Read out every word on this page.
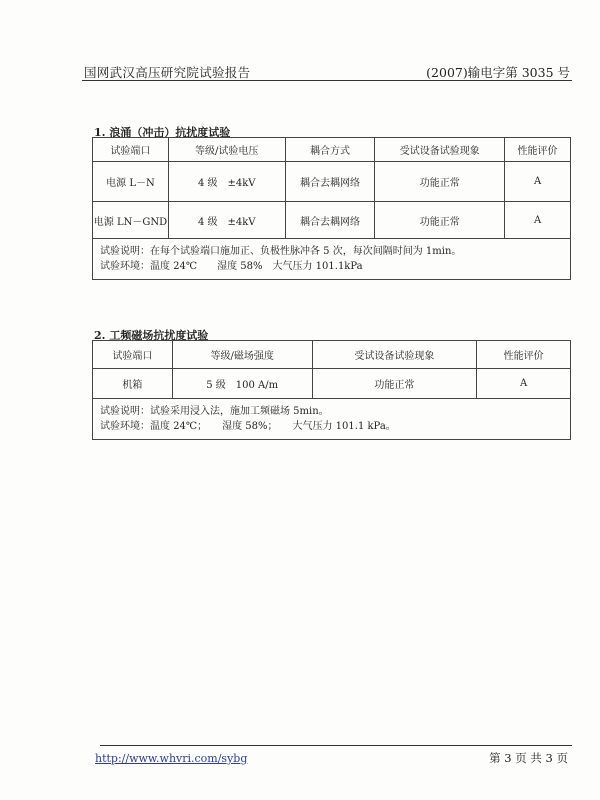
国网武汉高压研究院试验报告	(2007)输电字第 3035 号
1. 浪涌（冲击）抗扰度试验
试验端口	等级/试验电压	耦合方式	受试设备试验现象	性能评价
电源 L－N	4 级　±4kV	耦合去耦网络	功能正常	A
电源 LN－GND	4 级　±4kV	耦合去耦网络	功能正常	A

试验说明：在每个试验端口施加正、负极性脉冲各 5 次，每次间隔时间为 1min。
试验环境：温度 24℃　　湿度 58%　大气压力 101.1kPa				
2. 工频磁场抗扰度试验
试验端口	等级/磁场强度	受试设备试验现象	性能评价
机箱	5 级　100 A/m	功能正常	A

试验说明：试验采用浸入法，施加工频磁场 5min。
试验环境：温度 24℃；　　湿度 58%；　　大气压力 101.1 kPa。			
http://www.whvri.com/sybg	第 3 页 共 3 页
